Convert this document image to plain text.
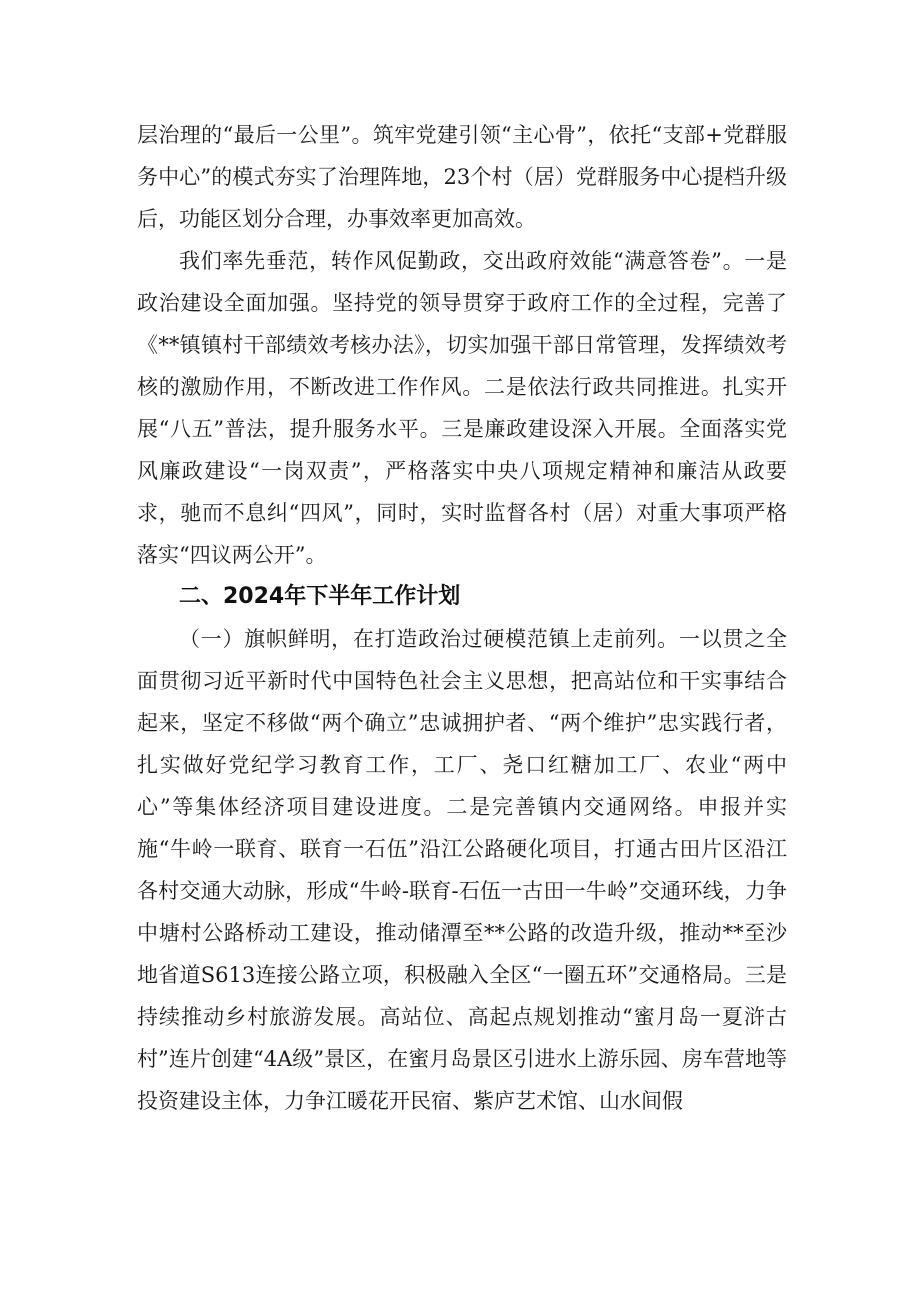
层治理的“最后一公里”。筑牢党建引领“主心骨”，依托“支部+党群服务中心”的模式夯实了治理阵地，23个村（居）党群服务中心提档升级后，功能区划分合理，办事效率更加高效。

我们率先垂范，转作风促勤政，交出政府效能“满意答卷”。一是政治建设全面加强。坚持党的领导贯穿于政府工作的全过程，完善了《**镇镇村干部绩效考核办法》，切实加强干部日常管理，发挥绩效考核的激励作用，不断改进工作作风。二是依法行政共同推进。扎实开展“八五”普法，提升服务水平。三是廉政建设深入开展。全面落实党风廉政建设“一岗双责”，严格落实中央八项规定精神和廉洁从政要求，驰而不息纠“四风”，同时，实时监督各村（居）对重大事项严格落实“四议两公开”。

二、2024年下半年工作计划

（一）旗帜鲜明，在打造政治过硬模范镇上走前列。一以贯之全面贯彻习近平新时代中国特色社会主义思想，把高站位和干实事结合起来，坚定不移做“两个确立”忠诚拥护者、“两个维护”忠实践行者，扎实做好党纪学习教育工作，工厂、尧口红糖加工厂、农业“两中心”等集体经济项目建设进度。二是完善镇内交通网络。申报并实施“牛岭一联育、联育一石伍”沿江公路硬化项目，打通古田片区沿江各村交通大动脉，形成“牛岭-联育-石伍一古田一牛岭”交通环线，力争中塘村公路桥动工建设，推动储潭至**公路的改造升级，推动**至沙地省道S613连接公路立项，积极融入全区“一圈五环”交通格局。三是持续推动乡村旅游发展。高站位、高起点规划推动“蜜月岛一夏浒古村”连片创建“4A级”景区，在蜜月岛景区引进水上游乐园、房车营地等投资建设主体，力争江暖花开民宿、紫庐艺术馆、山水间假
